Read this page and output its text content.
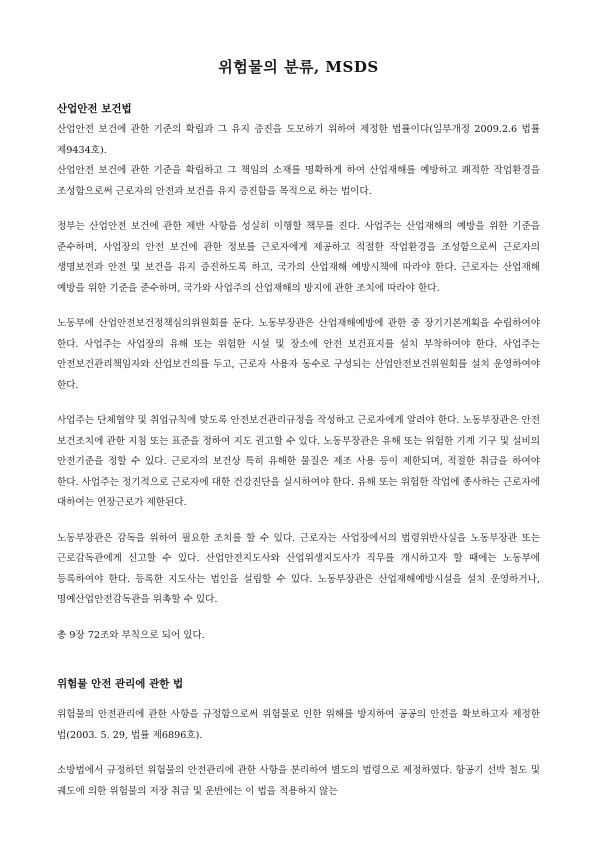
위험물의 분류, MSDS
산업안전 보건법

산업안전 보건에 관한 기준의 확립과 그 유지 증진을 도모하기 위하여 제정한 법률이다(일부개정 2009.2.6 법률 제9434호).

산업안전 보건에 관한 기준을 확립하고 그 책임의 소재를 명확하게 하여 산업재해를 예방하고 쾌적한 작업환경을 조성함으로써 근로자의 안전과 보건을 유지 증진함을 목적으로 하는 법이다.

정부는 산업안전 보건에 관한 제반 사항을 성실히 이행할 책무를 진다. 사업주는 산업재해의 예방을 위한 기준을 준수하며, 사업장의 안전 보건에 관한 정보를 근로자에게 제공하고 적절한 작업환경을 조성함으로써 근로자의 생명보전과 안전 및 보건을 유지 증진하도록 하고, 국가의 산업재해 예방시책에 따라야 한다. 근로자는 산업재해 예방을 위한 기준을 준수하며, 국가와 사업주의 산업재해의 방지에 관한 조치에 따라야 한다.

노동부에 산업안전보건정책심의위원회를 둔다. 노동부장관은 산업재해예방에 관한 중 장기기본계획을 수립하여야 한다. 사업주는 사업장의 유해 또는 위험한 시설 및 장소에 안전 보건표지를 설치 부착하여야 한다. 사업주는 안전보건관리책임자와 산업보건의를 두고, 근로자 사용자 동수로 구성되는 산업안전보건위원회를 설치 운영하여야 한다.

사업주는 단체협약 및 취업규칙에 맞도록 안전보건관리규정을 작성하고 근로자에게 알려야 한다. 노동부장관은 안전 보건조치에 관한 지침 또는 표준을 정하여 지도 권고할 수 있다. 노동부장관은 유해 또는 위험한 기계 기구 및 설비의 안전기준을 정할 수 있다. 근로자의 보건상 특히 유해한 물질은 제조 사용 등이 제한되며, 적절한 취급을 하여야 한다. 사업주는 정기적으로 근로자에 대한 건강진단을 실시하여야 한다. 유해 또는 위험한 작업에 종사하는 근로자에 대하여는 연장근로가 제한된다.

노동부장관은 감독을 위하여 필요한 조치를 할 수 있다. 근로자는 사업장에서의 법령위반사실을 노동부장관 또는 근로감독관에게 신고할 수 있다. 산업안전지도사와 산업위생지도사가 직무를 개시하고자 할 때에는 노동부에 등록하여야 한다. 등록한 지도사는 법인을 설립할 수 있다. 노동부장관은 산업재해예방시설을 설치 운영하거나, 명예산업안전감독관을 위촉할 수 있다.

총 9장 72조와 부칙으로 되어 있다.

위험물 안전 관리에 관한 법

위험물의 안전관리에 관한 사항을 규정함으로써 위험물로 인한 위해를 방지하여 공공의 안전을 확보하고자 제정한 법(2003. 5. 29, 법률 제6896호).

소방법에서 규정하던 위험물의 안전관리에 관한 사항을 분리하여 별도의 법령으로 제정하였다. 항공기 선박 철도 및 궤도에 의한 위험물의 저장 취급 및 운반에는 이 법을 적용하지 않는
